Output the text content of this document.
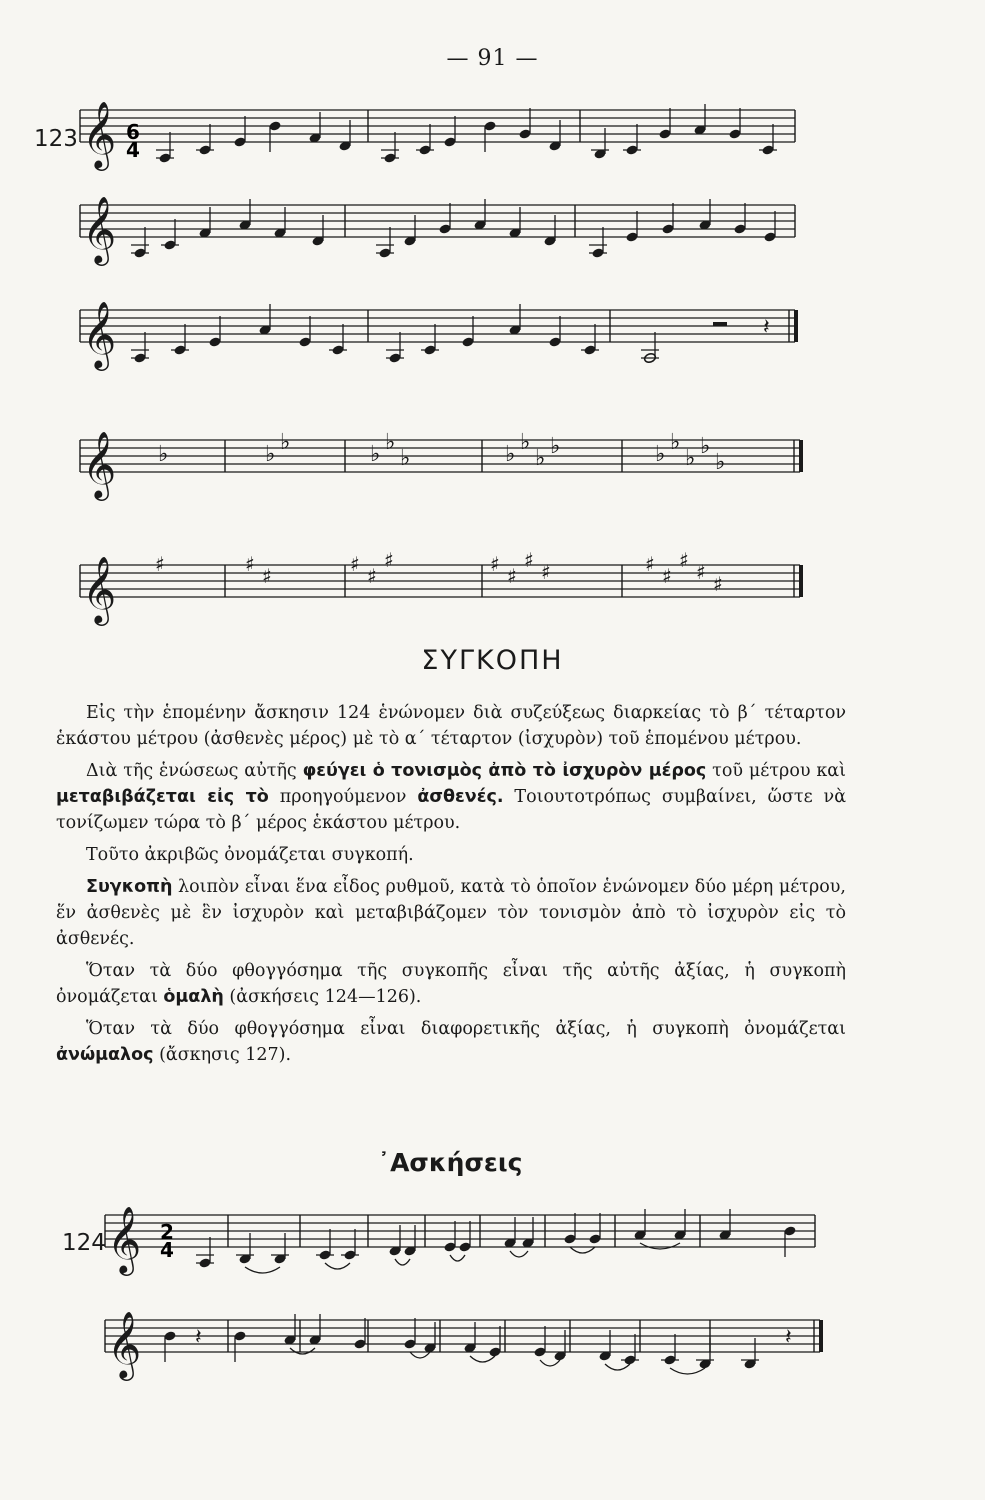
— 91 —
123 𝄞 6
4
𝄞
𝄞	𝄽
𝄞 ♭	♭ ♭	♭ ♭
♭	♭ ♭
♭ ♭	♭ ♭
♭ ♭
♭
𝄞 ♯	♯ ♯	♯ ♯
♯	♯ ♯
♯ ♯	♯ ♯
♯ ♯ ♯
ΣΥΓΚΟΠΗ

Εἰς τὴν ἑπομένην ἄσκησιν 124 ἑνώνομεν διὰ συζεύξεως διαρκείας τὸ β΄ τέταρτον ἑκάστου μέτρου (ἀσθενὲς μέρος) μὲ τὸ α΄ τέταρτον (ἰσχυρὸν) τοῦ ἑπομένου μέτρου.

Διὰ τῆς ἑνώσεως αὐτῆς φεύγει ὁ τονισμὸς ἀπὸ τὸ ἰσχυρὸν μέρος τοῦ μέτρου καὶ μεταβιβάζεται εἰς τὸ προηγούμενον ἀσθενές. Τοιουτοτρόπως συμβαίνει, ὥστε νὰ τονίζωμεν τώρα τὸ β΄ μέρος ἑκάστου μέτρου.

Τοῦτο ἀκριβῶς ὀνομάζεται συγκοπή.

Συγκοπὴ λοιπὸν εἶναι ἕνα εἶδος ρυθμοῦ, κατὰ τὸ ὁποῖον ἑνώνομεν δύο μέρη μέτρου, ἕν ἀσθενὲς μὲ ἓν ἰσχυρὸν καὶ μεταβιβάζομεν τὸν τονισμὸν ἀπὸ τὸ ἰσχυρὸν εἰς τὸ ἀσθενές.

Ὅταν τὰ δύο φθογγόσημα τῆς συγκοπῆς εἶναι τῆς αὐτῆς ἀξίας, ἡ συγκοπὴ ὀνομάζεται ὁμαλὴ (ἀσκήσεις 124—126).

Ὅταν τὰ δύο φθογγόσημα εἶναι διαφορετικῆς ἀξίας, ἡ συγκοπὴ ὀνομάζεται ἀνώμαλος (ἄσκησις 127).

᾿Ασκήσεις
124 𝄞 2
4
𝄞 𝄽	𝄽
